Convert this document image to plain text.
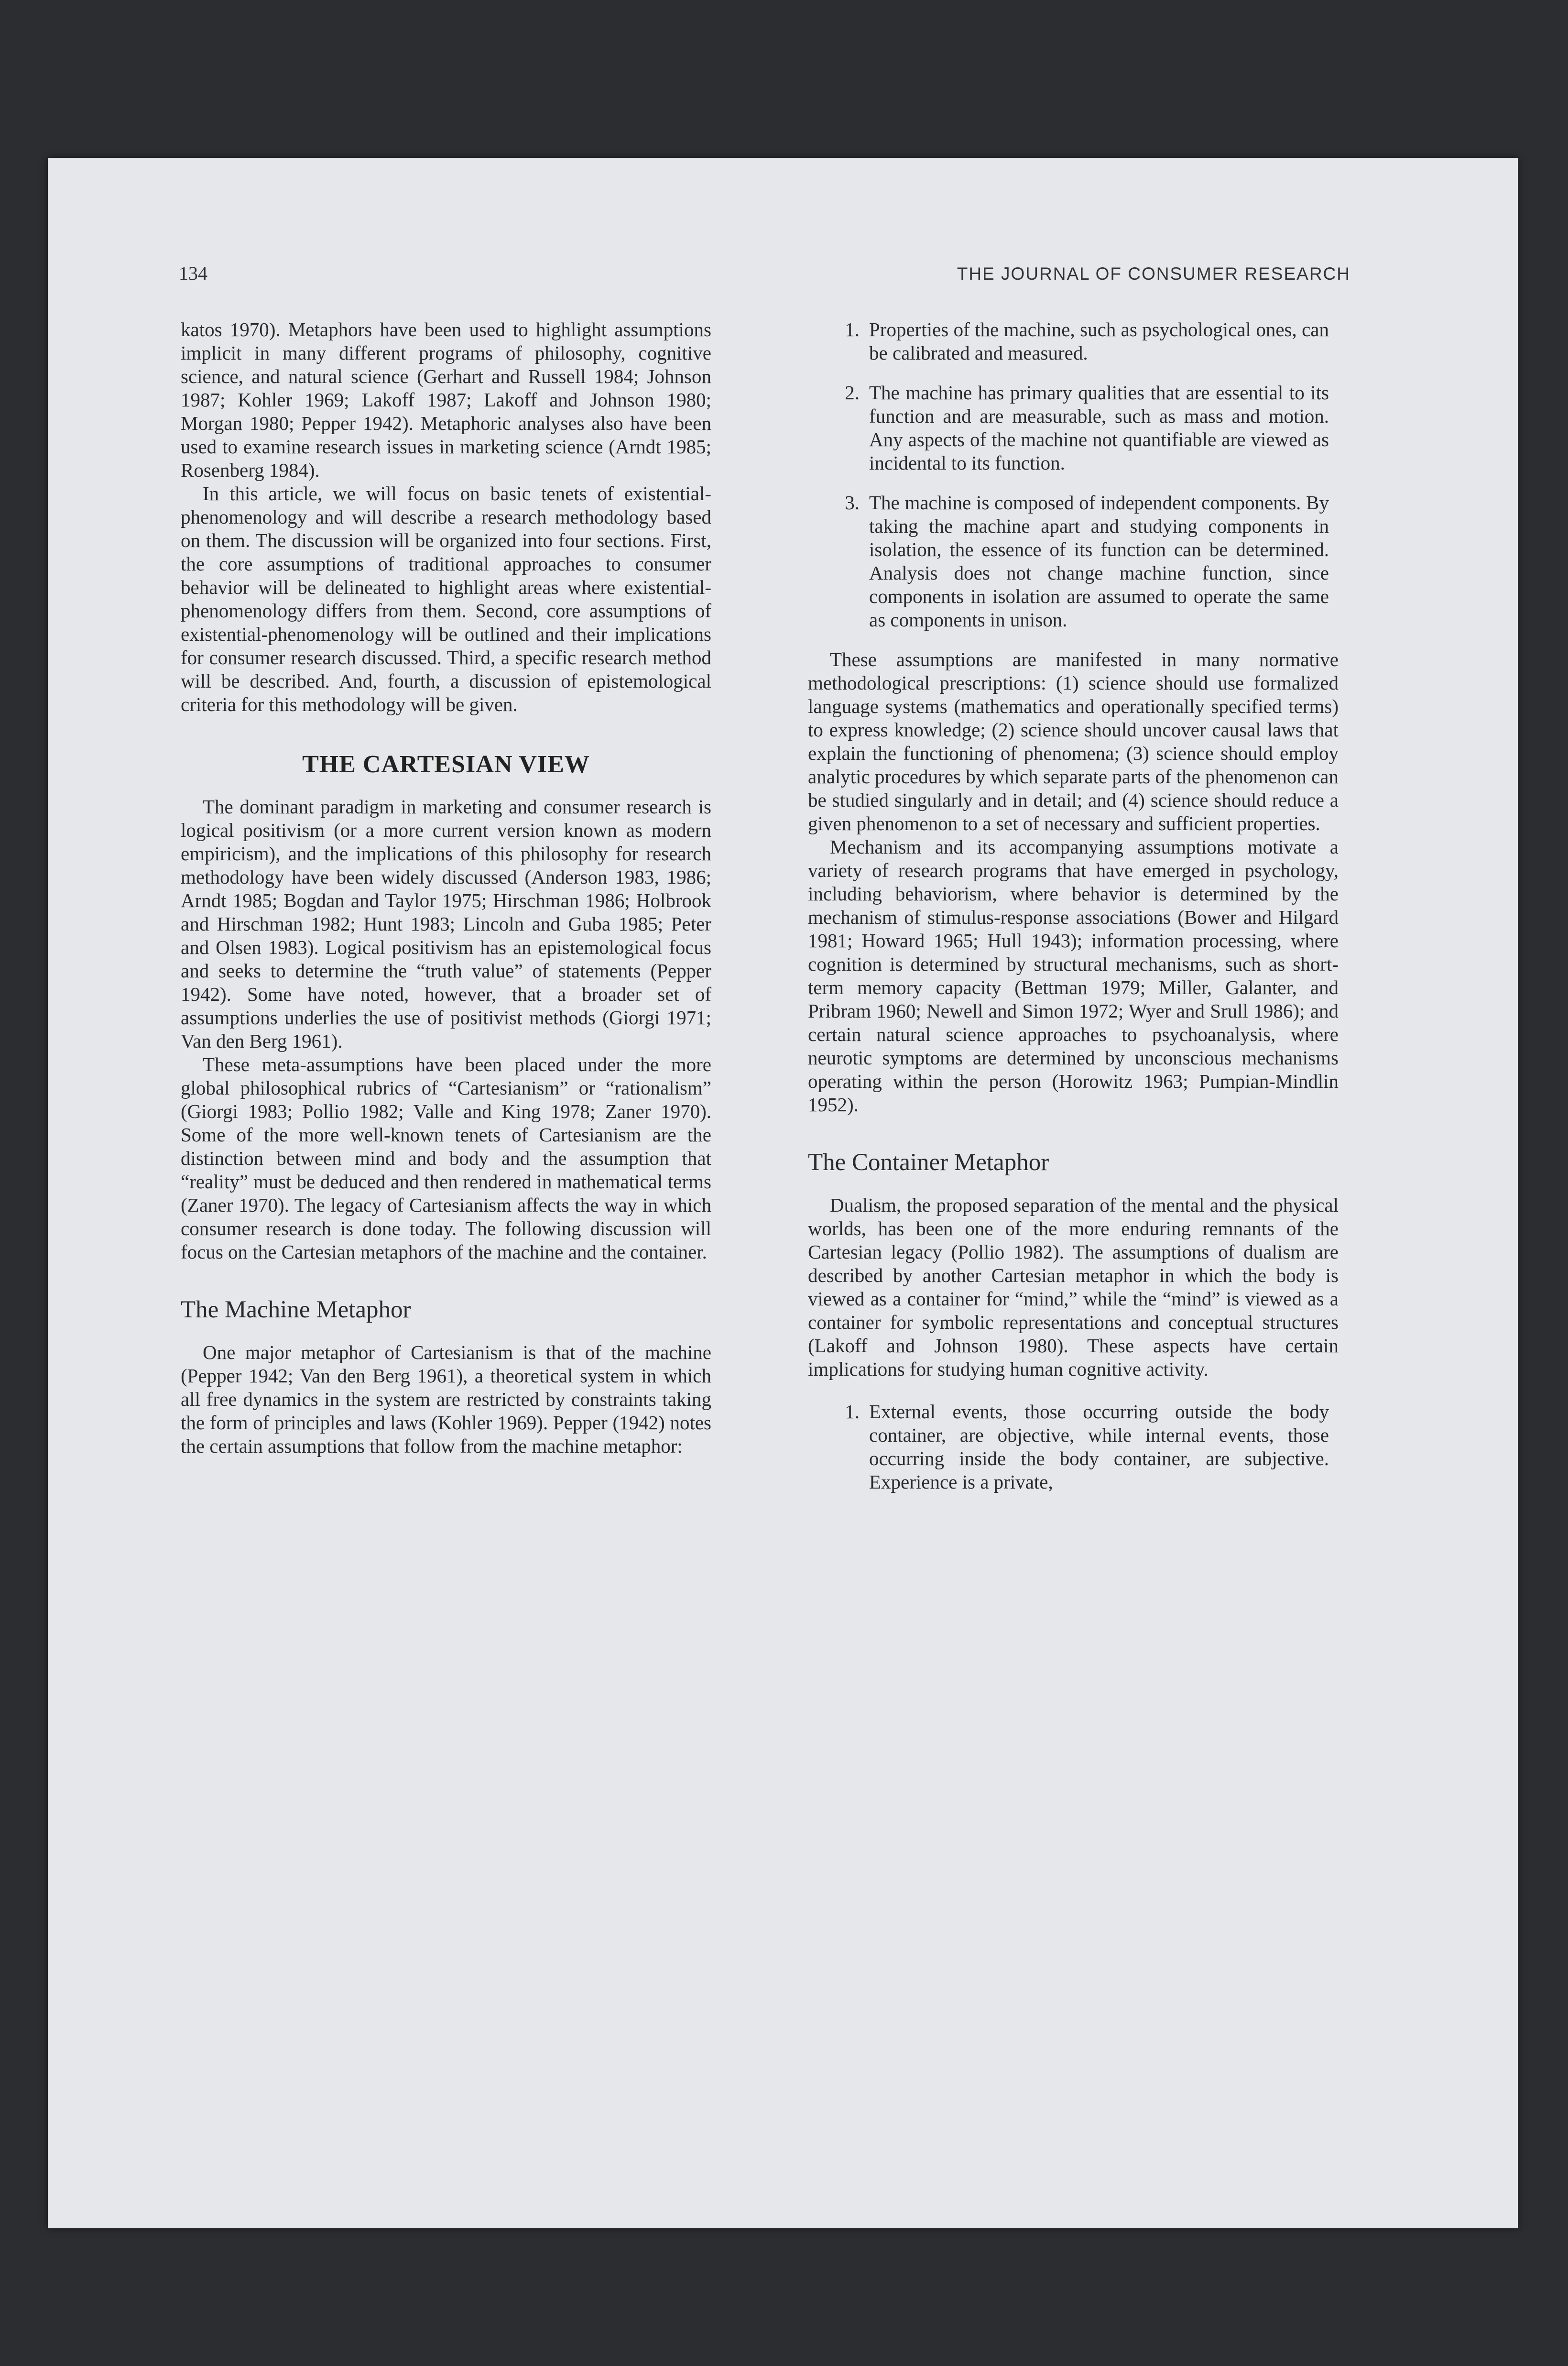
134	THE JOURNAL OF CONSUMER RESEARCH

katos 1970). Metaphors have been used to highlight assumptions implicit in many different programs of philosophy, cognitive science, and natural science (Gerhart and Russell 1984; Johnson 1987; Kohler 1969; Lakoff 1987; Lakoff and Johnson 1980; Morgan 1980; Pepper 1942). Metaphoric analyses also have been used to examine research issues in marketing science (Arndt 1985; Rosenberg 1984).

In this article, we will focus on basic tenets of existential-phenomenology and will describe a research methodology based on them. The discussion will be organized into four sections. First, the core assumptions of traditional approaches to consumer behavior will be delineated to highlight areas where existential-phenomenology differs from them. Second, core assumptions of existential-phenomenology will be outlined and their implications for consumer research discussed. Third, a specific research method will be described. And, fourth, a discussion of epistemological criteria for this methodology will be given.

THE CARTESIAN VIEW

The dominant paradigm in marketing and consumer research is logical positivism (or a more current version known as modern empiricism), and the implications of this philosophy for research methodology have been widely discussed (Anderson 1983, 1986; Arndt 1985; Bogdan and Taylor 1975; Hirschman 1986; Holbrook and Hirschman 1982; Hunt 1983; Lincoln and Guba 1985; Peter and Olsen 1983). Logical positivism has an epistemological focus and seeks to determine the “truth value” of statements (Pepper 1942). Some have noted, however, that a broader set of assumptions underlies the use of positivist methods (Giorgi 1971; Van den Berg 1961).

These meta-assumptions have been placed under the more global philosophical rubrics of “Cartesianism” or “rationalism” (Giorgi 1983; Pollio 1982; Valle and King 1978; Zaner 1970). Some of the more well-known tenets of Cartesianism are the distinction between mind and body and the assumption that “reality” must be deduced and then rendered in mathematical terms (Zaner 1970). The legacy of Cartesianism affects the way in which consumer research is done today. The following discussion will focus on the Cartesian metaphors of the machine and the container.

The Machine Metaphor

One major metaphor of Cartesianism is that of the machine (Pepper 1942; Van den Berg 1961), a theoretical system in which all free dynamics in the system are restricted by constraints taking the form of principles and laws (Kohler 1969). Pepper (1942) notes the certain assumptions that follow from the machine metaphor:

1. Properties of the machine, such as psychological ones, can be calibrated and measured.
2. The machine has primary qualities that are essential to its function and are measurable, such as mass and motion. Any aspects of the machine not quantifiable are viewed as incidental to its function.
3. The machine is composed of independent components. By taking the machine apart and studying components in isolation, the essence of its function can be determined. Analysis does not change machine function, since components in isolation are assumed to operate the same as components in unison.

These assumptions are manifested in many normative methodological prescriptions: (1) science should use formalized language systems (mathematics and operationally specified terms) to express knowledge; (2) science should uncover causal laws that explain the functioning of phenomena; (3) science should employ analytic procedures by which separate parts of the phenomenon can be studied singularly and in detail; and (4) science should reduce a given phenomenon to a set of necessary and sufficient properties.

Mechanism and its accompanying assumptions motivate a variety of research programs that have emerged in psychology, including behaviorism, where behavior is determined by the mechanism of stimulus-response associations (Bower and Hilgard 1981; Howard 1965; Hull 1943); information processing, where cognition is determined by structural mechanisms, such as short-term memory capacity (Bettman 1979; Miller, Galanter, and Pribram 1960; Newell and Simon 1972; Wyer and Srull 1986); and certain natural science approaches to psychoanalysis, where neurotic symptoms are determined by unconscious mechanisms operating within the person (Horowitz 1963; Pumpian-Mindlin 1952).

The Container Metaphor

Dualism, the proposed separation of the mental and the physical worlds, has been one of the more enduring remnants of the Cartesian legacy (Pollio 1982). The assumptions of dualism are described by another Cartesian metaphor in which the body is viewed as a container for “mind,” while the “mind” is viewed as a container for symbolic representations and conceptual structures (Lakoff and Johnson 1980). These aspects have certain implications for studying human cognitive activity.

1. External events, those occurring outside the body container, are objective, while internal events, those occurring inside the body container, are subjective. Experience is a private,
